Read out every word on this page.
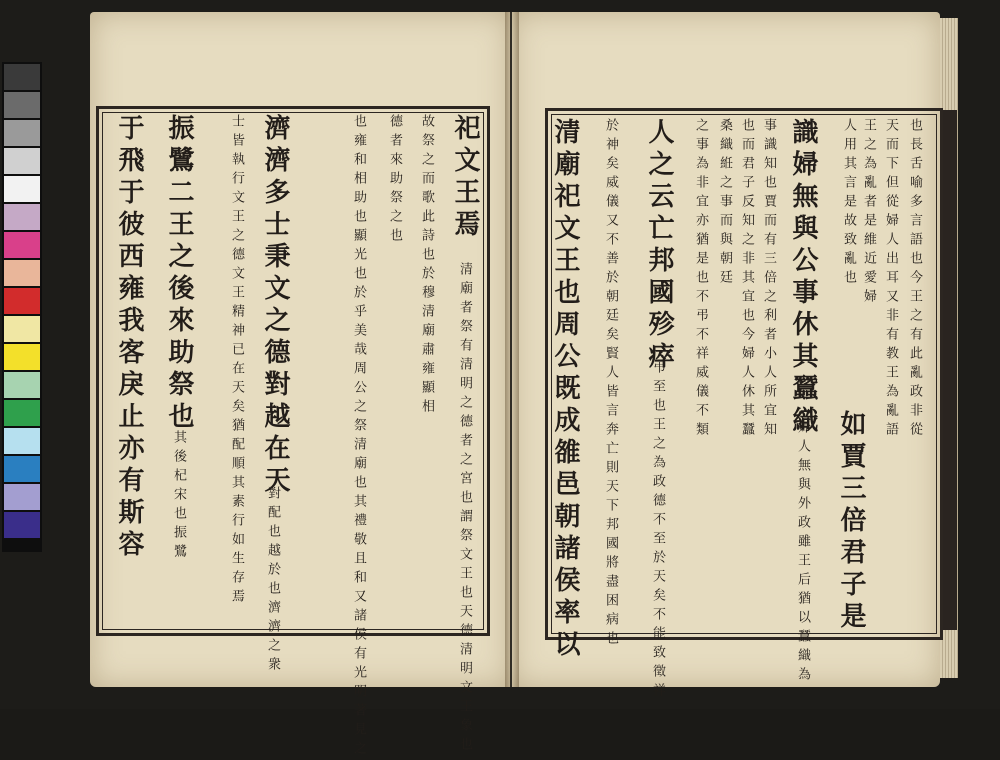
祀文王焉
清廟者祭有清明之德者之宮也謂祭文王也天德清明文王象也
故祭之而歌此詩也於穆清廟肅雍顯相
德者來助祭之也
也雍和相助也顯光也於乎美哉周公之祭清廟也其禮敬且和又諸侯有光明著見之
濟濟多士秉文之德對越在天
對配也越於也濟濟之衆
士皆執行文王之德文王精神已在天矣猶配順其素行如生存焉
振鷺二王之後來助祭也
其後杞宋也振鷺
于飛于彼西雍我客戾止亦有斯容	也長舌喻多言語也今王之有此亂政非從
天而下但從婦人出耳又非有教王為亂語
王之為亂者是維近愛婦
如賈三倍君子是
人用其言是故致亂也
識婦無與公事休其蠶織
婦人無與外政雖王后猶以蠶織為
事識知也賈而有三倍之利者小人所宜知
也而君子反知之非其宜也今婦人休其蠶
桑織絍之事而與朝廷
之事為非宜亦猶是也不弔不祥威儀不類
人之云亡邦國殄瘁
弔至也王之為政德不至於天矣不能致徵祥
於神矣威儀又不善於朝廷矣賢人皆言奔亡則天下邦國將盡困病也
清廟祀文王也周公既成雒邑朝諸侯率以
